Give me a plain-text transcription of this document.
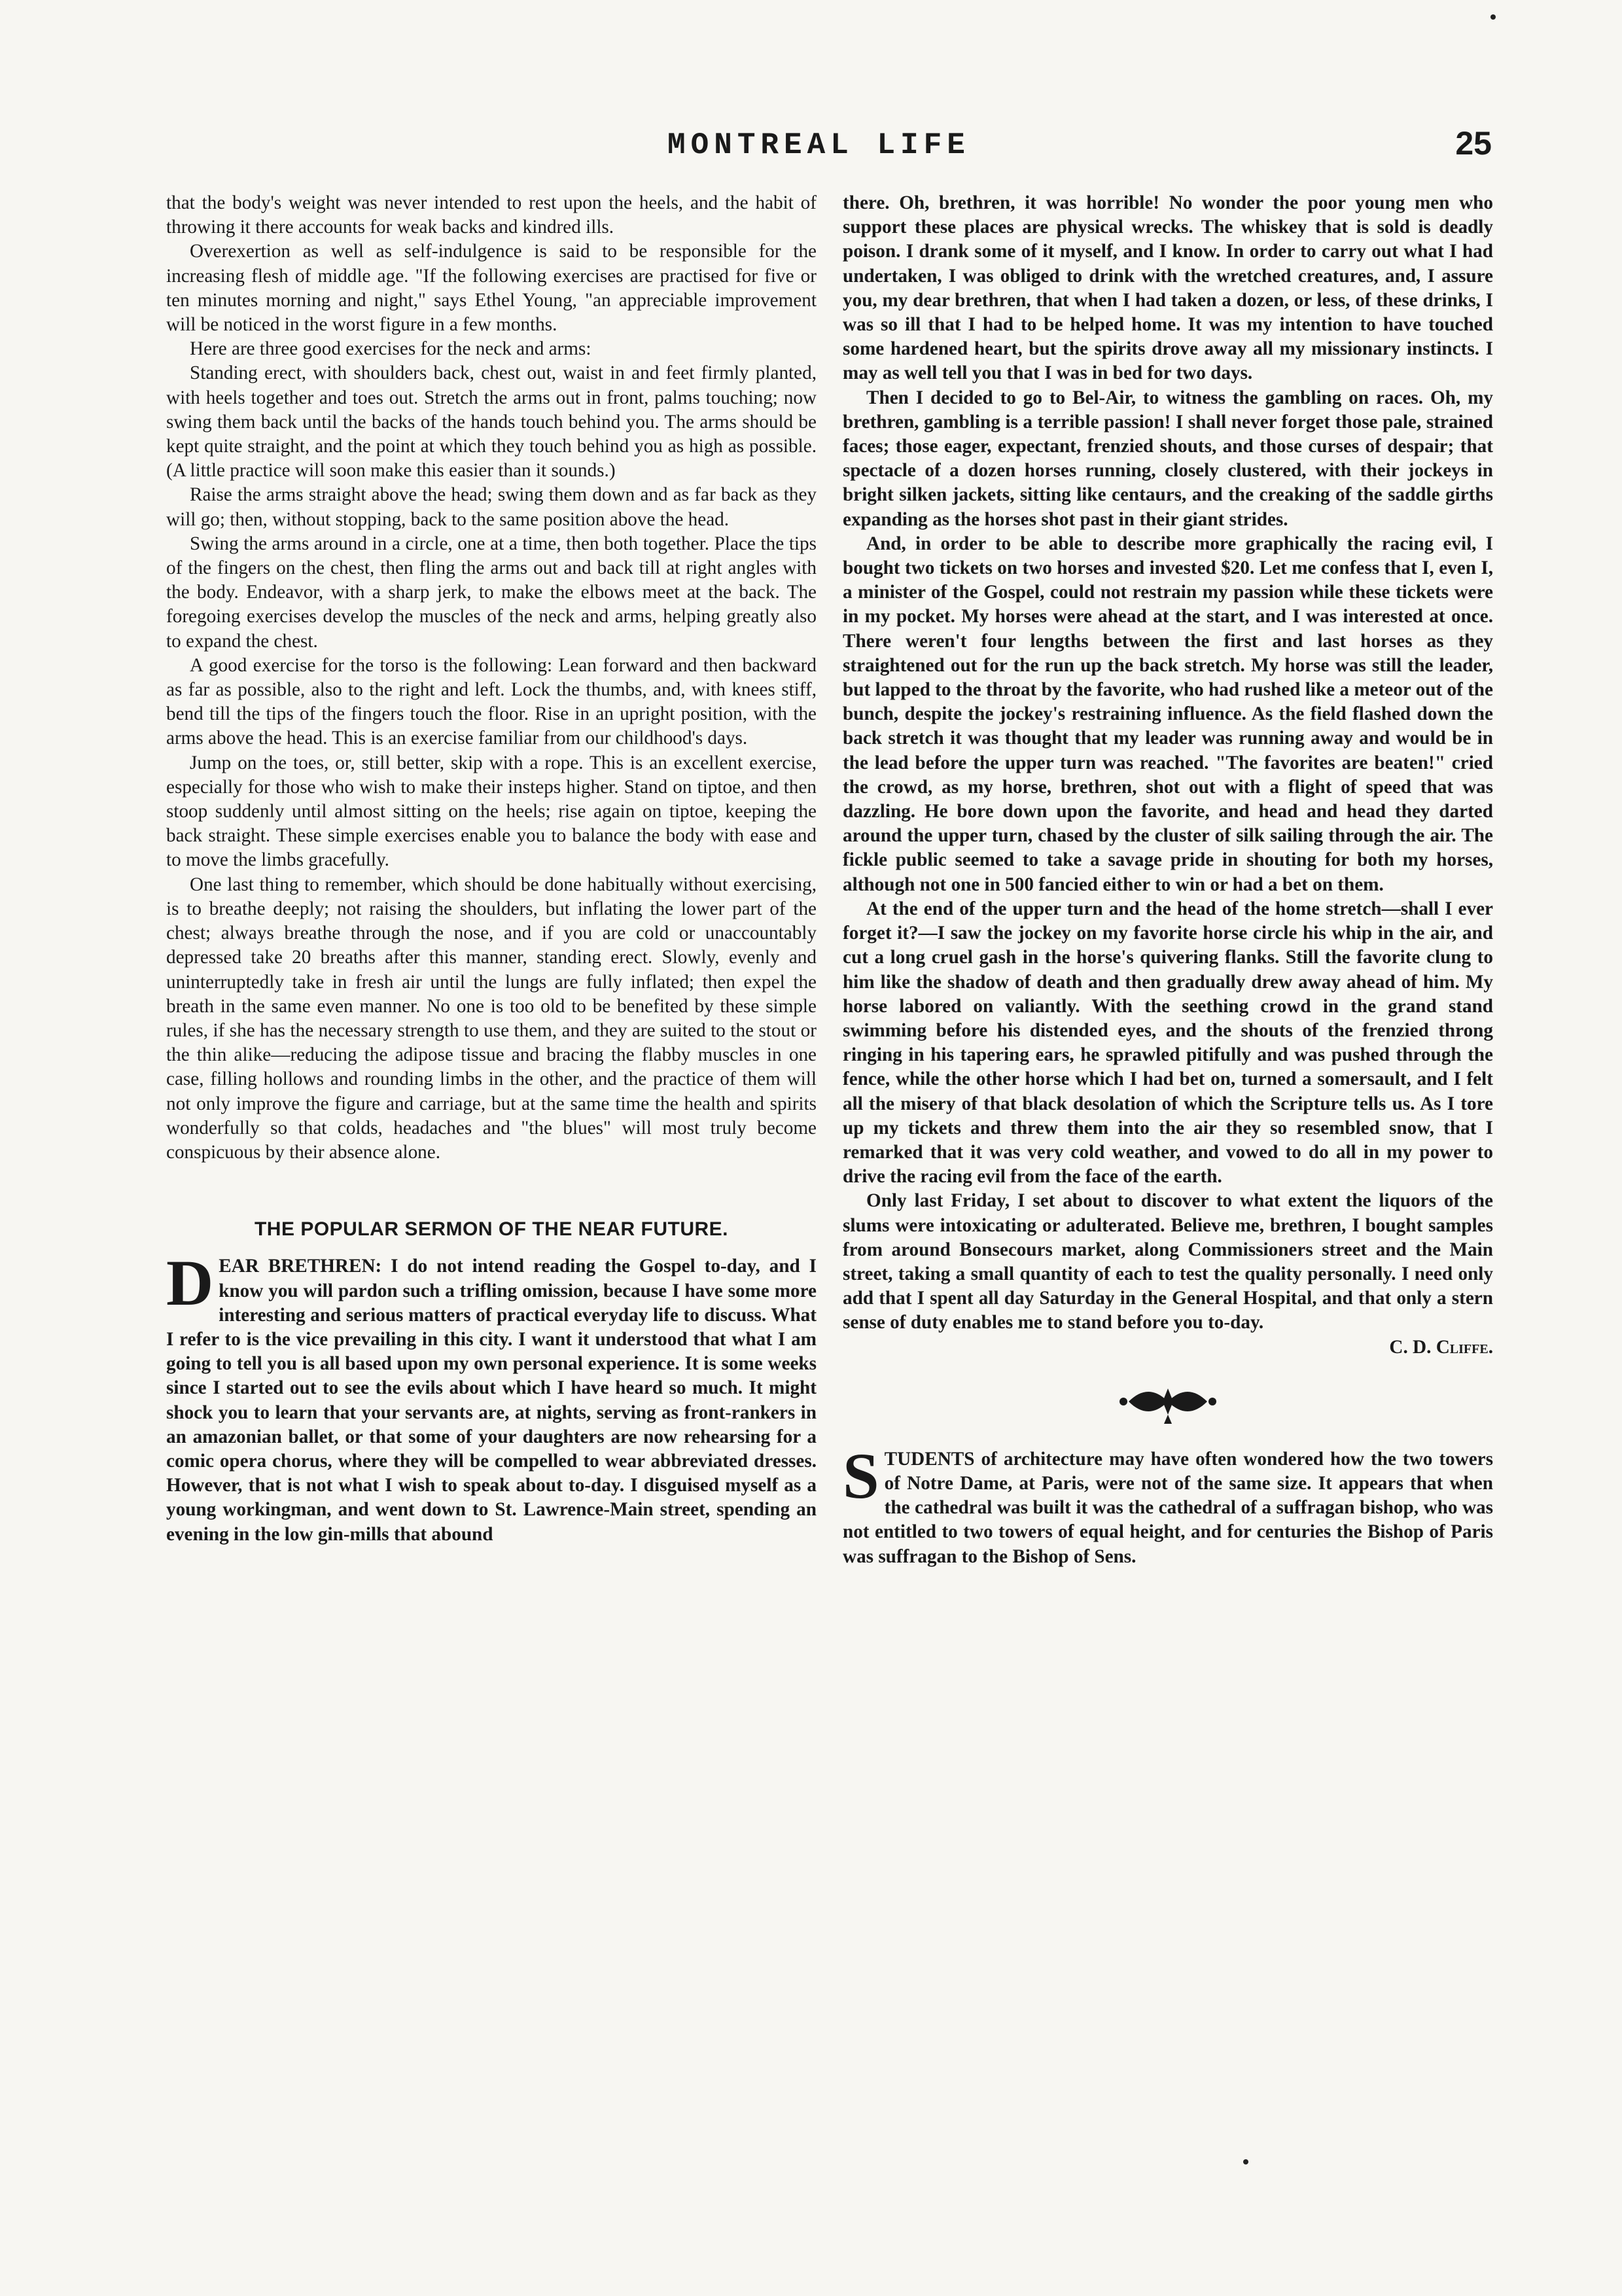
MONTREAL LIFE	25

that the body's weight was never intended to rest upon the heels, and the habit of throwing it there accounts for weak backs and kindred ills.

Overexertion as well as self-indulgence is said to be responsible for the increasing flesh of middle age. "If the following exercises are practised for five or ten minutes morning and night," says Ethel Young, "an appreciable improvement will be noticed in the worst figure in a few months.

Here are three good exercises for the neck and arms:

Standing erect, with shoulders back, chest out, waist in and feet firmly planted, with heels together and toes out. Stretch the arms out in front, palms touching; now swing them back until the backs of the hands touch behind you. The arms should be kept quite straight, and the point at which they touch behind you as high as possible. (A little practice will soon make this easier than it sounds.)

Raise the arms straight above the head; swing them down and as far back as they will go; then, without stopping, back to the same position above the head.

Swing the arms around in a circle, one at a time, then both together. Place the tips of the fingers on the chest, then fling the arms out and back till at right angles with the body. Endeavor, with a sharp jerk, to make the elbows meet at the back. The foregoing exercises develop the muscles of the neck and arms, helping greatly also to expand the chest.

A good exercise for the torso is the following: Lean forward and then backward as far as possible, also to the right and left. Lock the thumbs, and, with knees stiff, bend till the tips of the fingers touch the floor. Rise in an upright position, with the arms above the head. This is an exercise familiar from our childhood's days.

Jump on the toes, or, still better, skip with a rope. This is an excellent exercise, especially for those who wish to make their insteps higher. Stand on tiptoe, and then stoop suddenly until almost sitting on the heels; rise again on tiptoe, keeping the back straight. These simple exercises enable you to balance the body with ease and to move the limbs gracefully.

One last thing to remember, which should be done habitually without exercising, is to breathe deeply; not raising the shoulders, but inflating the lower part of the chest; always breathe through the nose, and if you are cold or unaccountably depressed take 20 breaths after this manner, standing erect. Slowly, evenly and uninterruptedly take in fresh air until the lungs are fully inflated; then expel the breath in the same even manner. No one is too old to be benefited by these simple rules, if she has the necessary strength to use them, and they are suited to the stout or the thin alike—reducing the adipose tissue and bracing the flabby muscles in one case, filling hollows and rounding limbs in the other, and the practice of them will not only improve the figure and carriage, but at the same time the health and spirits wonderfully so that colds, headaches and "the blues" will most truly become conspicuous by their absence alone.

THE POPULAR SERMON OF THE NEAR FUTURE.

DEAR BRETHREN: I do not intend reading the Gospel to-day, and I know you will pardon such a trifling omission, because I have some more interesting and serious matters of practical everyday life to discuss. What I refer to is the vice prevailing in this city. I want it understood that what I am going to tell you is all based upon my own personal experience. It is some weeks since I started out to see the evils about which I have heard so much. It might shock you to learn that your servants are, at nights, serving as front-rankers in an amazonian ballet, or that some of your daughters are now rehearsing for a comic opera chorus, where they will be compelled to wear abbreviated dresses. However, that is not what I wish to speak about to-day. I disguised myself as a young workingman, and went down to St. Lawrence-Main street, spending an evening in the low gin-mills that abound

there. Oh, brethren, it was horrible! No wonder the poor young men who support these places are physical wrecks. The whiskey that is sold is deadly poison. I drank some of it myself, and I know. In order to carry out what I had undertaken, I was obliged to drink with the wretched creatures, and, I assure you, my dear brethren, that when I had taken a dozen, or less, of these drinks, I was so ill that I had to be helped home. It was my intention to have touched some hardened heart, but the spirits drove away all my missionary instincts. I may as well tell you that I was in bed for two days.

Then I decided to go to Bel-Air, to witness the gambling on races. Oh, my brethren, gambling is a terrible passion! I shall never forget those pale, strained faces; those eager, expectant, frenzied shouts, and those curses of despair; that spectacle of a dozen horses running, closely clustered, with their jockeys in bright silken jackets, sitting like centaurs, and the creaking of the saddle girths expanding as the horses shot past in their giant strides.

And, in order to be able to describe more graphically the racing evil, I bought two tickets on two horses and invested $20. Let me confess that I, even I, a minister of the Gospel, could not restrain my passion while these tickets were in my pocket. My horses were ahead at the start, and I was interested at once. There weren't four lengths between the first and last horses as they straightened out for the run up the back stretch. My horse was still the leader, but lapped to the throat by the favorite, who had rushed like a meteor out of the bunch, despite the jockey's restraining influence. As the field flashed down the back stretch it was thought that my leader was running away and would be in the lead before the upper turn was reached. "The favorites are beaten!" cried the crowd, as my horse, brethren, shot out with a flight of speed that was dazzling. He bore down upon the favorite, and head and head they darted around the upper turn, chased by the cluster of silk sailing through the air. The fickle public seemed to take a savage pride in shouting for both my horses, although not one in 500 fancied either to win or had a bet on them.

At the end of the upper turn and the head of the home stretch—shall I ever forget it?—I saw the jockey on my favorite horse circle his whip in the air, and cut a long cruel gash in the horse's quivering flanks. Still the favorite clung to him like the shadow of death and then gradually drew away ahead of him. My horse labored on valiantly. With the seething crowd in the grand stand swimming before his distended eyes, and the shouts of the frenzied throng ringing in his tapering ears, he sprawled pitifully and was pushed through the fence, while the other horse which I had bet on, turned a somersault, and I felt all the misery of that black desolation of which the Scripture tells us. As I tore up my tickets and threw them into the air they so resembled snow, that I remarked that it was very cold weather, and vowed to do all in my power to drive the racing evil from the face of the earth.

Only last Friday, I set about to discover to what extent the liquors of the slums were intoxicating or adulterated. Believe me, brethren, I bought samples from around Bonsecours market, along Commissioners street and the Main street, taking a small quantity of each to test the quality personally. I need only add that I spent all day Saturday in the General Hospital, and that only a stern sense of duty enables me to stand before you to-day.

C. D. Cliffe.

STUDENTS of architecture may have often wondered how the two towers of Notre Dame, at Paris, were not of the same size. It appears that when the cathedral was built it was the cathedral of a suffragan bishop, who was not entitled to two towers of equal height, and for centuries the Bishop of Paris was suffragan to the Bishop of Sens.
